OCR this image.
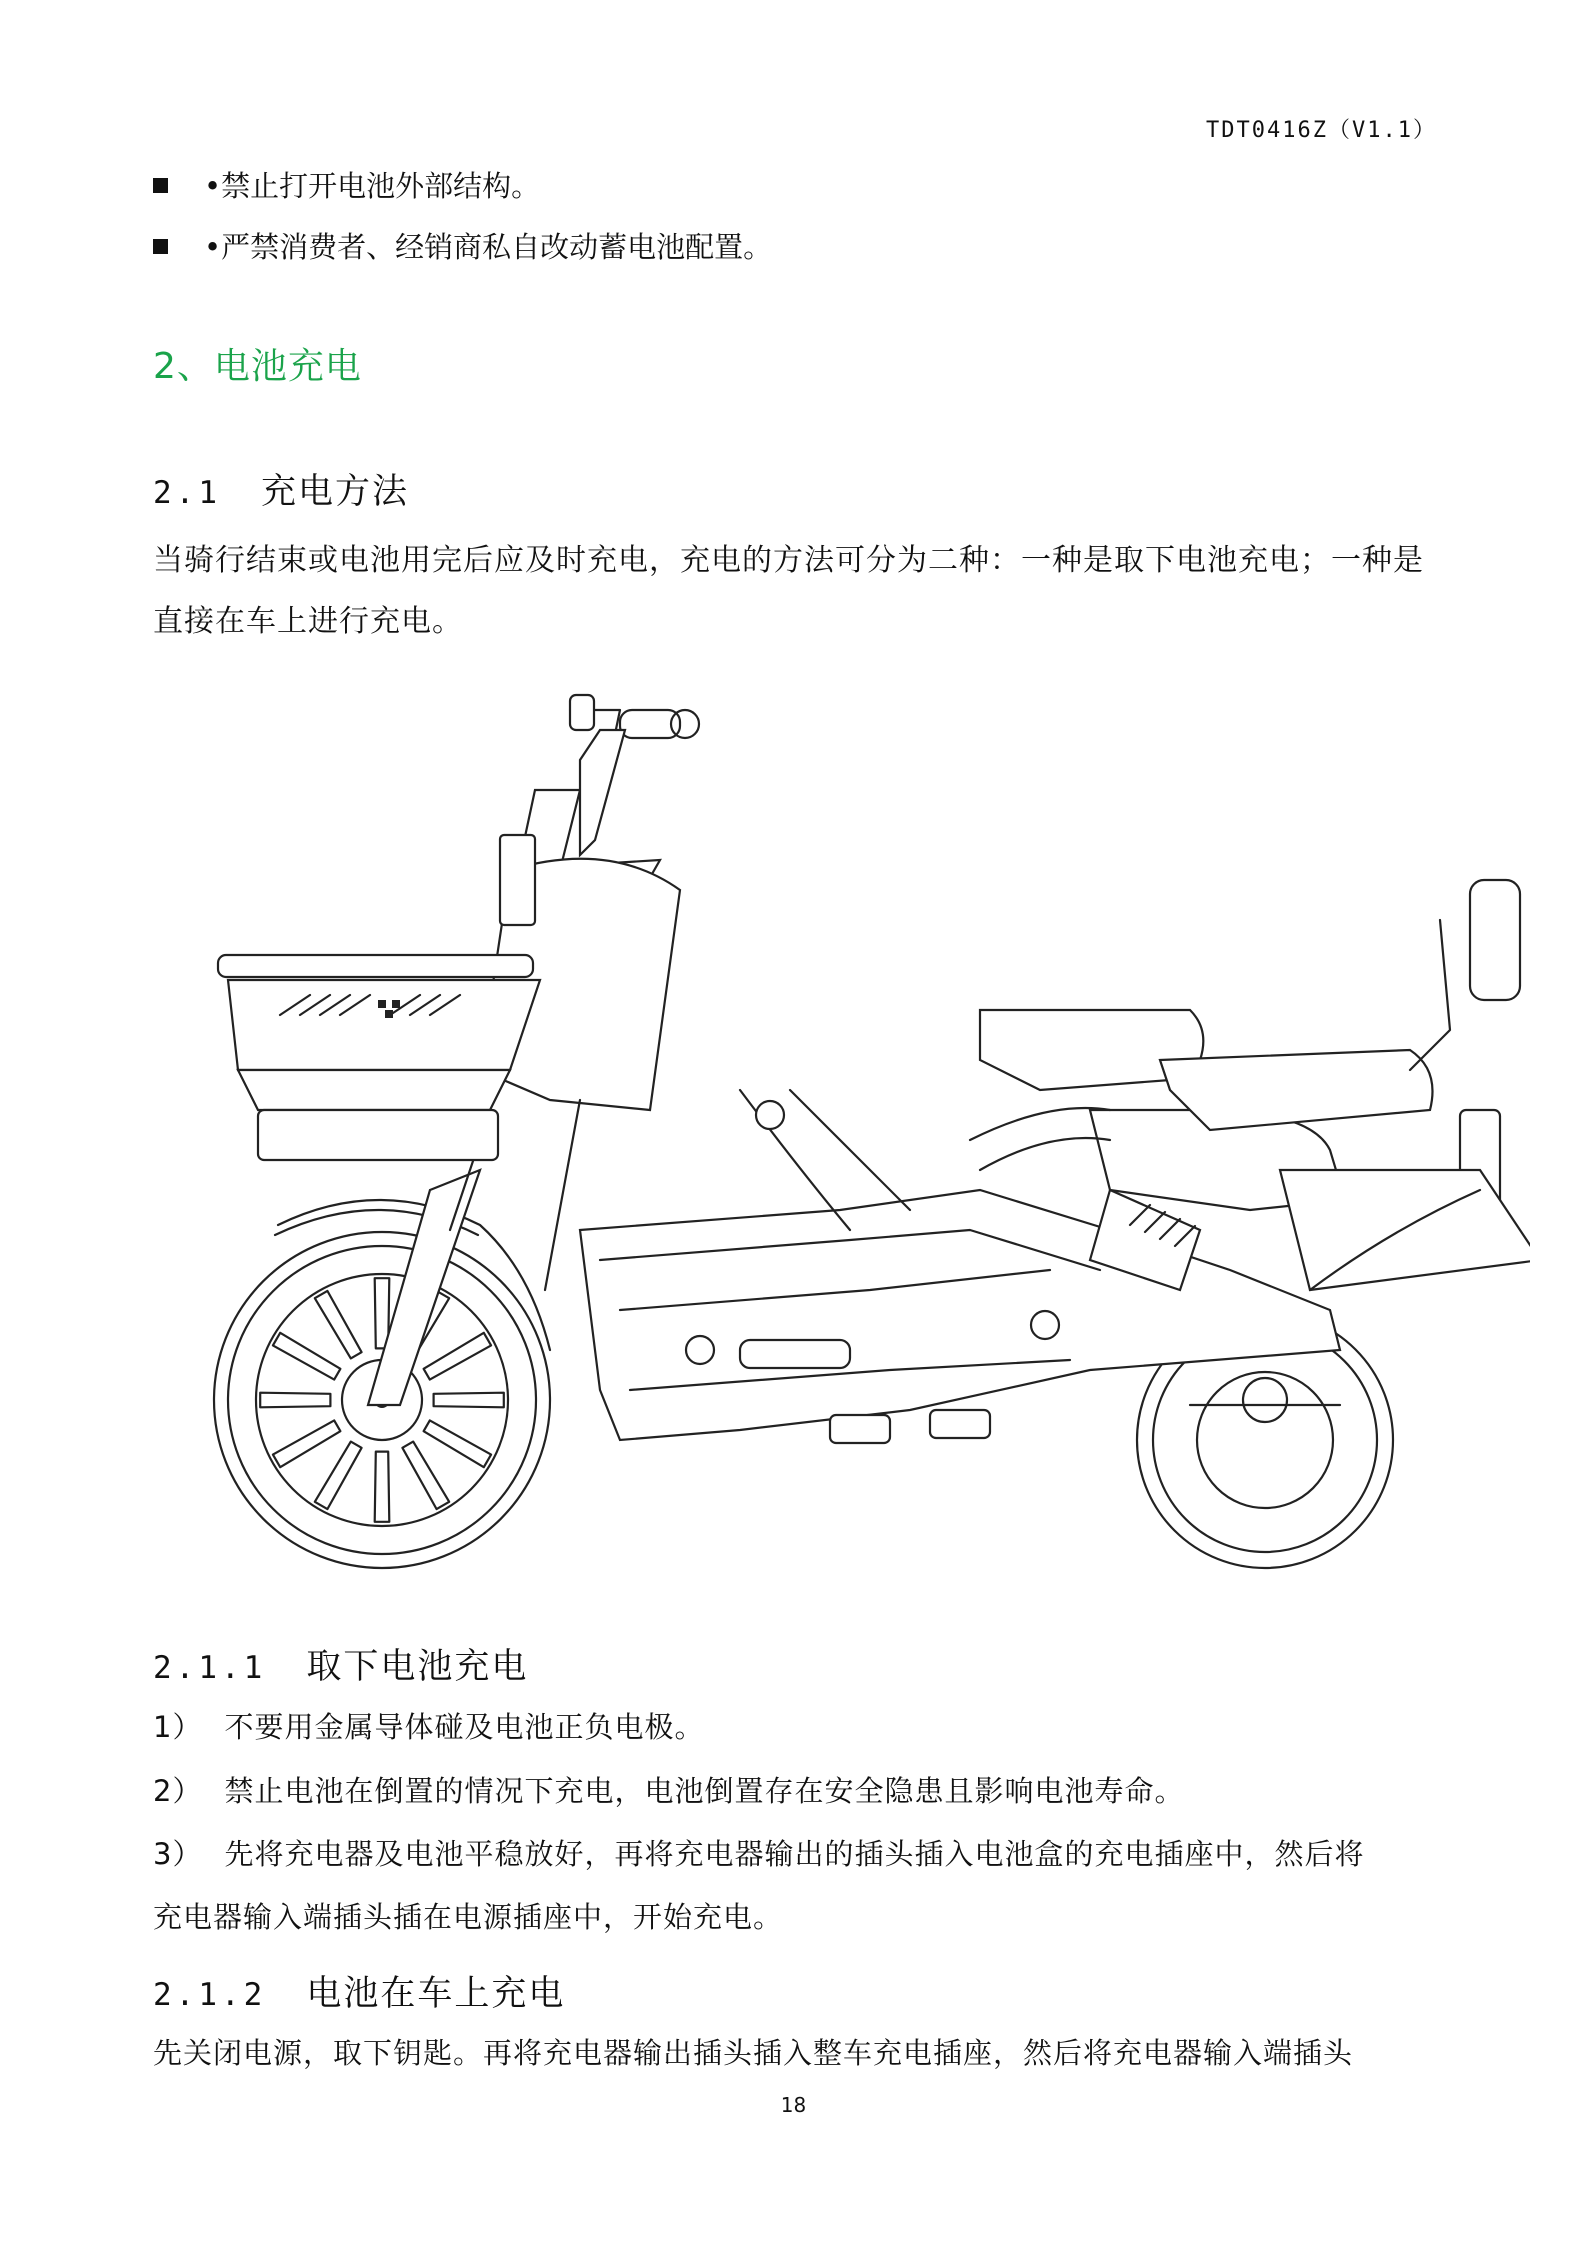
TDT0416Z（V1.1）
•禁止打开电池外部结构。
•严禁消费者、经销商私自改动蓄电池配置。
2、电池充电
2.1 充电方法
当骑行结束或电池用完后应及时充电，充电的方法可分为二种：一种是取下电池充电；一种是直接在车上进行充电。
2.1.1 取下电池充电
1） 不要用金属导体碰及电池正负电极。
2） 禁止电池在倒置的情况下充电，电池倒置存在安全隐患且影响电池寿命。
3） 先将充电器及电池平稳放好，再将充电器输出的插头插入电池盒的充电插座中，然后将
充电器输入端插头插在电源插座中，开始充电。
2.1.2 电池在车上充电
先关闭电源，取下钥匙。再将充电器输出插头插入整车充电插座，然后将充电器输入端插头
18
